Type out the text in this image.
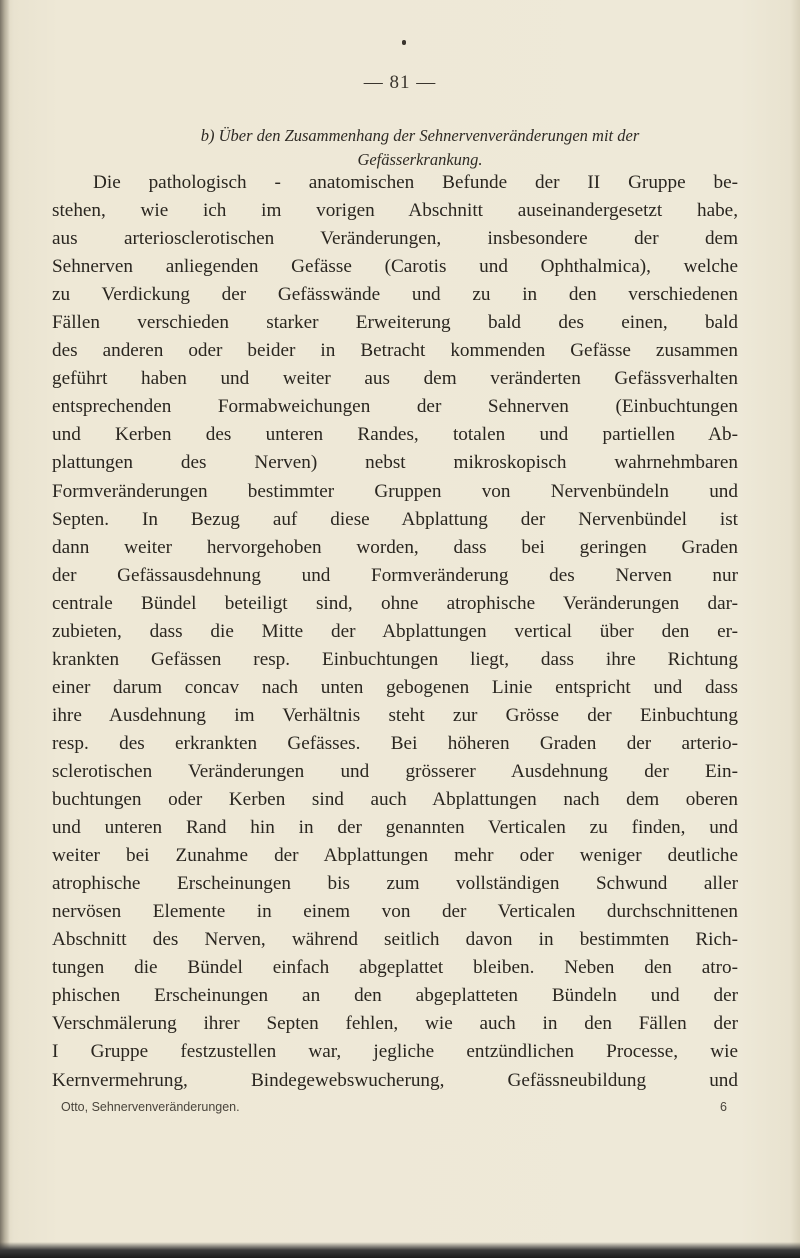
— 81 —
b) Über den Zusammenhang der Sehnervenveränderungen mit der
Gefässerkrankung.
Die pathologisch - anatomischen Befunde der II Gruppe be-
stehen, wie ich im vorigen Abschnitt auseinandergesetzt habe,
aus arteriosclerotischen Veränderungen, insbesondere der dem
Sehnerven anliegenden Gefässe (Carotis und Ophthalmica), welche
zu Verdickung der Gefässwände und zu in den verschiedenen
Fällen verschieden starker Erweiterung bald des einen, bald
des anderen oder beider in Betracht kommenden Gefässe zusammen
geführt haben und weiter aus dem veränderten Gefässverhalten
entsprechenden Formabweichungen der Sehnerven (Einbuchtungen
und Kerben des unteren Randes, totalen und partiellen Ab-
plattungen des Nerven) nebst mikroskopisch wahrnehmbaren
Formveränderungen bestimmter Gruppen von Nervenbündeln und
Septen. In Bezug auf diese Abplattung der Nervenbündel ist
dann weiter hervorgehoben worden, dass bei geringen Graden
der Gefässausdehnung und Formveränderung des Nerven nur
centrale Bündel beteiligt sind, ohne atrophische Veränderungen dar-
zubieten, dass die Mitte der Abplattungen vertical über den er-
krankten Gefässen resp. Einbuchtungen liegt, dass ihre Richtung
einer darum concav nach unten gebogenen Linie entspricht und dass
ihre Ausdehnung im Verhältnis steht zur Grösse der Einbuchtung
resp. des erkrankten Gefässes. Bei höheren Graden der arterio-
sclerotischen Veränderungen und grösserer Ausdehnung der Ein-
buchtungen oder Kerben sind auch Abplattungen nach dem oberen
und unteren Rand hin in der genannten Verticalen zu finden, und
weiter bei Zunahme der Abplattungen mehr oder weniger deutliche
atrophische Erscheinungen bis zum vollständigen Schwund aller
nervösen Elemente in einem von der Verticalen durchschnittenen
Abschnitt des Nerven, während seitlich davon in bestimmten Rich-
tungen die Bündel einfach abgeplattet bleiben. Neben den atro-
phischen Erscheinungen an den abgeplatteten Bündeln und der
Verschmälerung ihrer Septen fehlen, wie auch in den Fällen der
I Gruppe festzustellen war, jegliche entzündlichen Processe, wie
Kernvermehrung, Bindegewebswucherung, Gefässneubildung und
Otto, Sehnervenveränderungen.	6
